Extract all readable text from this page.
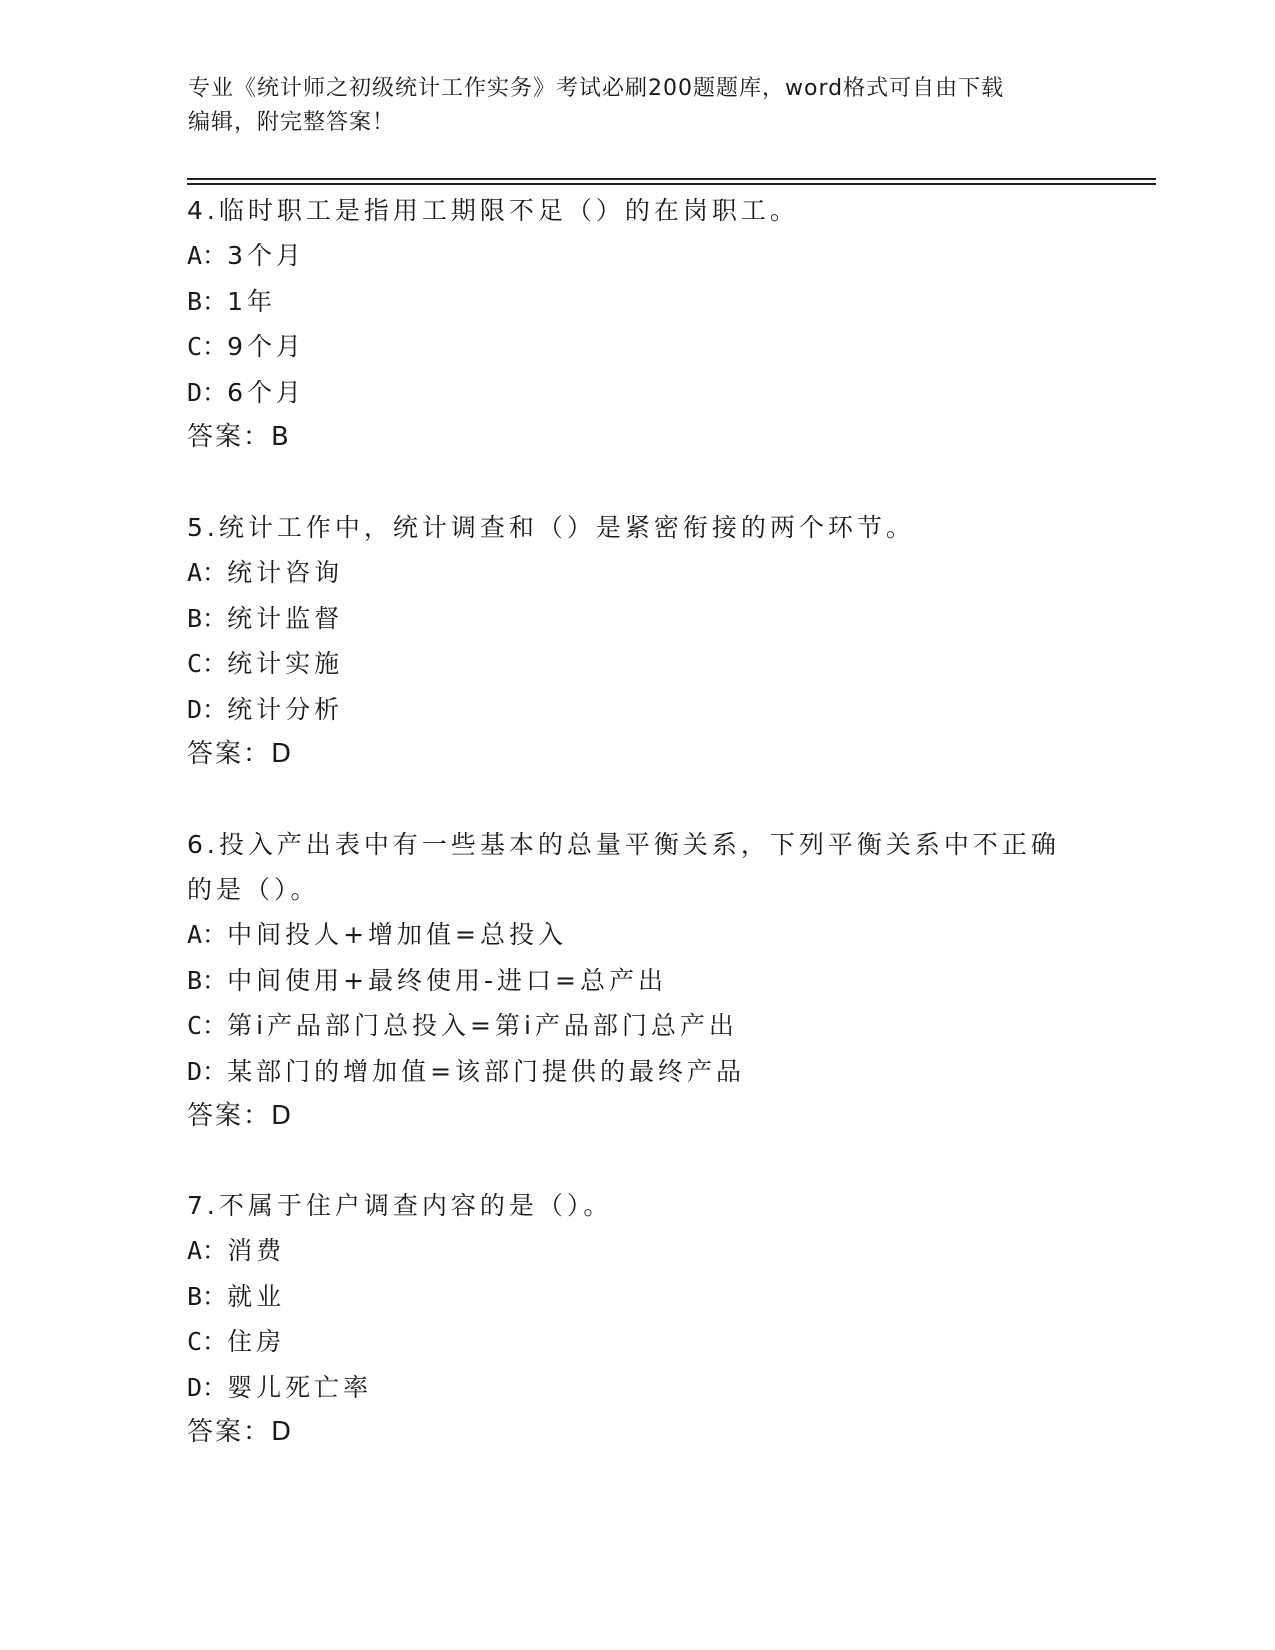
专业《统计师之初级统计工作实务》考试必刷200题题库，word格式可自由下载
编辑，附完整答案！

4.临时职工是指用工期限不足（）的在岗职工。

A：3个月

B：1年

C：9个月

D：6个月

答案：B

5.统计工作中，统计调查和（）是紧密衔接的两个环节。

A：统计咨询

B：统计监督

C：统计实施

D：统计分析

答案：D

6.投入产出表中有一些基本的总量平衡关系，下列平衡关系中不正确

的是（）。

A：中间投人+增加值=总投入

B：中间使用+最终使用-进口=总产出

C：第i产品部门总投入=第i产品部门总产出

D：某部门的增加值=该部门提供的最终产品

答案：D

7.不属于住户调查内容的是（）。

A：消费

B：就业

C：住房

D：婴儿死亡率

答案：D
